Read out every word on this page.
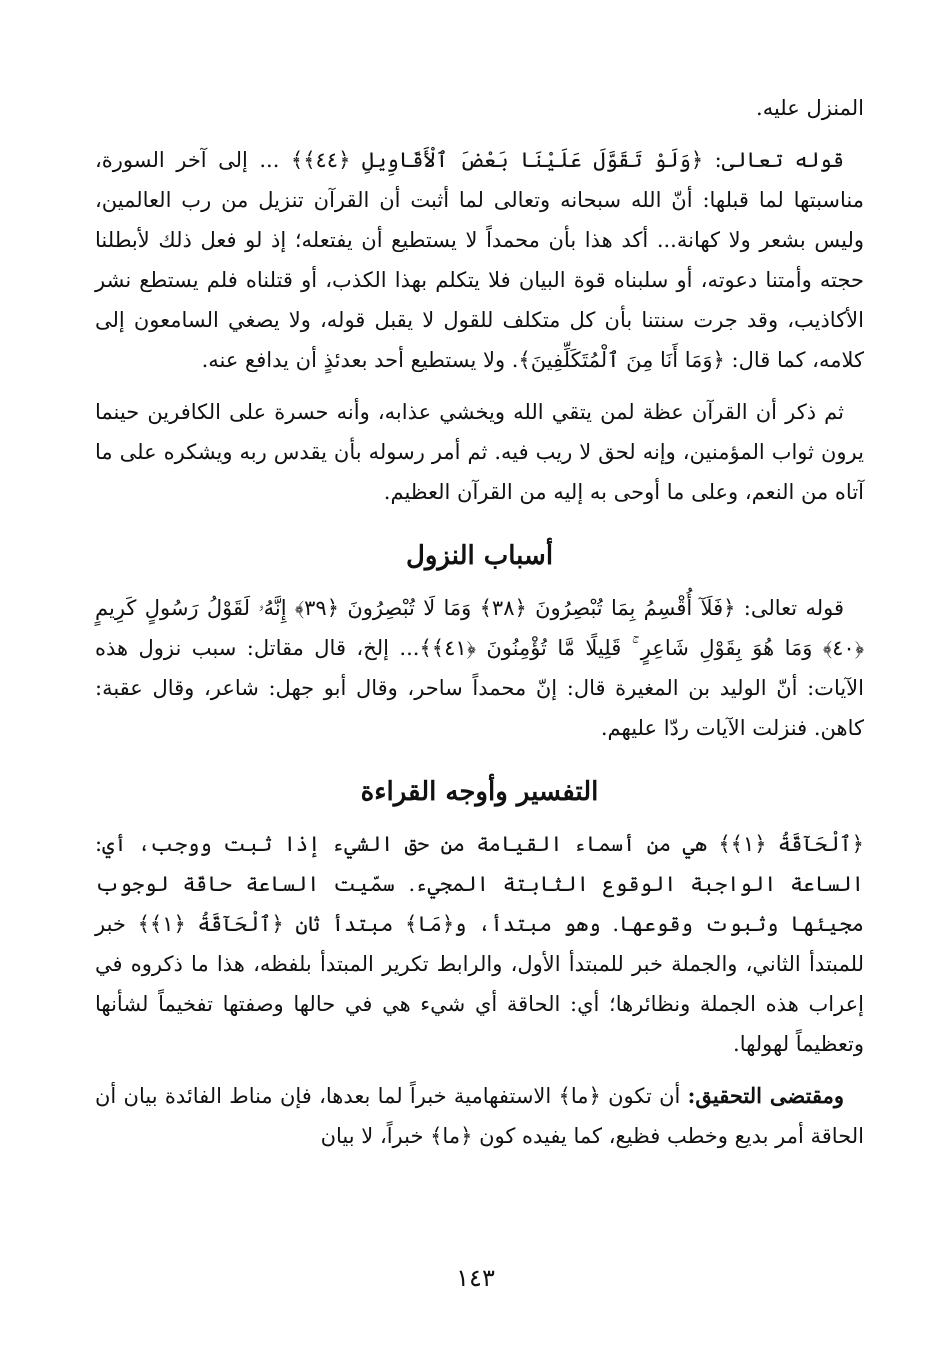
المنزل عليه.

قوله تعالى: ﴿وَلَوْ تَقَوَّلَ عَلَيْنَا بَعْضَ ٱلْأَقَاوِيلِ ﴿٤٤﴾﴾ ... إلى آخر السورة، مناسبتها لما قبلها: أنّ الله سبحانه وتعالى لما أثبت أن القرآن تنزيل من رب العالمين، وليس بشعر ولا كهانة... أكد هذا بأن محمداً لا يستطيع أن يفتعله؛ إذ لو فعل ذلك لأبطلنا حجته وأمتنا دعوته، أو سلبناه قوة البيان فلا يتكلم بهذا الكذب، أو قتلناه فلم يستطع نشر الأكاذيب، وقد جرت سنتنا بأن كل متكلف للقول لا يقبل قوله، ولا يصغي السامعون إلى كلامه، كما قال: ﴿وَمَا أَنَا مِنَ ٱلْمُتَكَلِّفِينَ﴾. ولا يستطيع أحد بعدئذٍ أن يدافع عنه.

ثم ذكر أن القرآن عظة لمن يتقي الله ويخشي عذابه، وأنه حسرة على الكافرين حينما يرون ثواب المؤمنين، وإنه لحق لا ريب فيه. ثم أمر رسوله بأن يقدس ربه ويشكره على ما آتاه من النعم، وعلى ما أوحى به إليه من القرآن العظيم.

أسباب النزول

قوله تعالى: ﴿فَلَآ أُقْسِمُ بِمَا تُبْصِرُونَ ﴿٣٨﴾ وَمَا لَا تُبْصِرُونَ ﴿٣٩﴾ إِنَّهُۥ لَقَوْلُ رَسُولٍ كَرِيمٍ ﴿٤٠﴾ وَمَا هُوَ بِقَوْلِ شَاعِرٍ ۚ قَلِيلًا مَّا تُؤْمِنُونَ ﴿٤١﴾﴾... إلخ، قال مقاتل: سبب نزول هذه الآيات: أنّ الوليد بن المغيرة قال: إنّ محمداً ساحر، وقال أبو جهل: شاعر، وقال عقبة: كاهن. فنزلت الآيات ردّا عليهم.

التفسير وأوجه القراءة

﴿ٱلْحَآقَّةُ ﴿١﴾﴾ هي من أسماء القيامة من حق الشيء إذا ثبت ووجب، أي: الساعة الواجبة الوقوع الثابتة المجيء. سمّيت الساعة حاقّة لوجوب مجيئها وثبوت وقوعها. وهو مبتدأ، و﴿مَا﴾ مبتدأ ثان ﴿ٱلْحَآقَّةُ ﴿١﴾﴾ خبر للمبتدأ الثاني، والجملة خبر للمبتدأ الأول، والرابط تكرير المبتدأ بلفظه، هذا ما ذكروه في إعراب هذه الجملة ونظائرها؛ أي: الحاقة أي شيء هي في حالها وصفتها تفخيماً لشأنها وتعظيماً لهولها.

ومقتضى التحقيق: أن تكون ﴿ما﴾ الاستفهامية خبراً لما بعدها، فإن مناط الفائدة بيان أن الحاقة أمر بديع وخطب فظيع، كما يفيده كون ﴿ما﴾ خبراً، لا بيان

١٤٣
